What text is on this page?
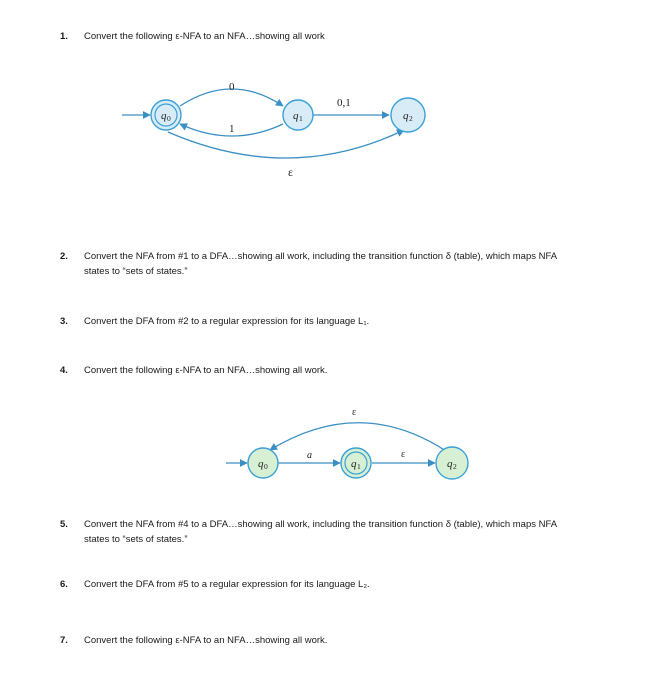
1. Convert the following ε-NFA to an NFA…showing all work
2. Convert the NFA from #1 to a DFA…showing all work, including the transition function δ (table), which maps NFA
states to “sets of states.”
3. Convert the DFA from #2 to a regular expression for its language L₁.
4. Convert the following ε-NFA to an NFA…showing all work.
5. Convert the NFA from #4 to a DFA…showing all work, including the transition function δ (table), which maps NFA
states to “sets of states.”
6. Convert the DFA from #5 to a regular expression for its language L₂.
7. Convert the following ε-NFA to an NFA…showing all work.
q 0	q 1	q 2
0
1
0,1
ε
q 0	q 1	q 2
a	ε
ε
